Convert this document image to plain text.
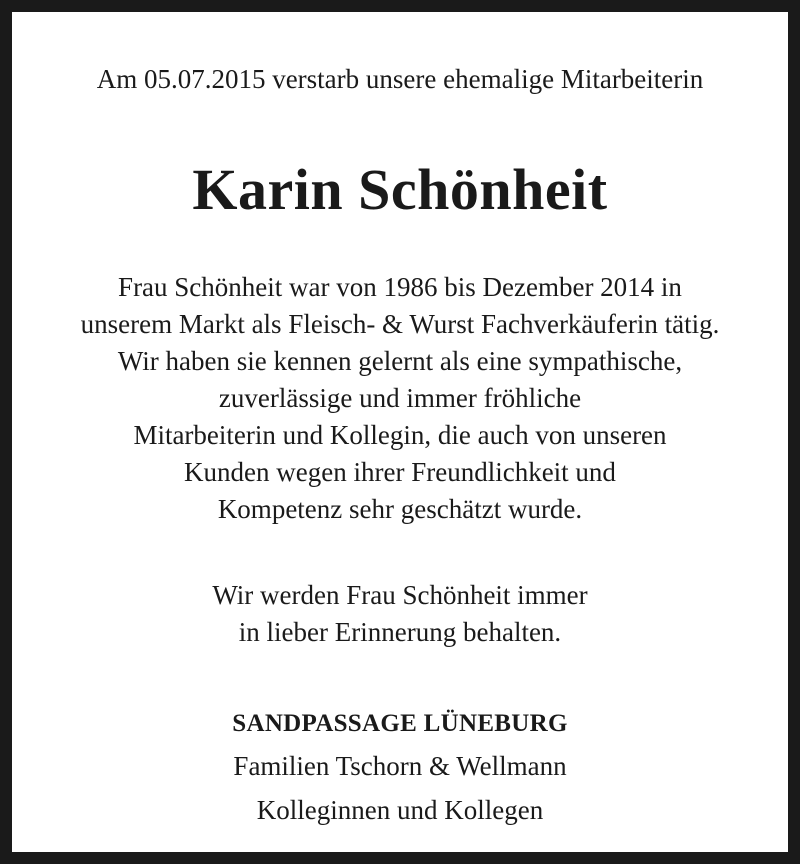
Am 05.07.2015 verstarb unsere ehemalige Mitarbeiterin
Karin Schönheit
Frau Schönheit war von 1986 bis Dezember 2014 in
unserem Markt als Fleisch- & Wurst Fachverkäuferin tätig.
Wir haben sie kennen gelernt als eine sympathische,
zuverlässige und immer fröhliche
Mitarbeiterin und Kollegin, die auch von unseren
Kunden wegen ihrer Freundlichkeit und
Kompetenz sehr geschätzt wurde.
Wir werden Frau Schönheit immer
in lieber Erinnerung behalten.
SANDPASSAGE LÜNEBURG
Familien Tschorn & Wellmann
Kolleginnen und Kollegen
